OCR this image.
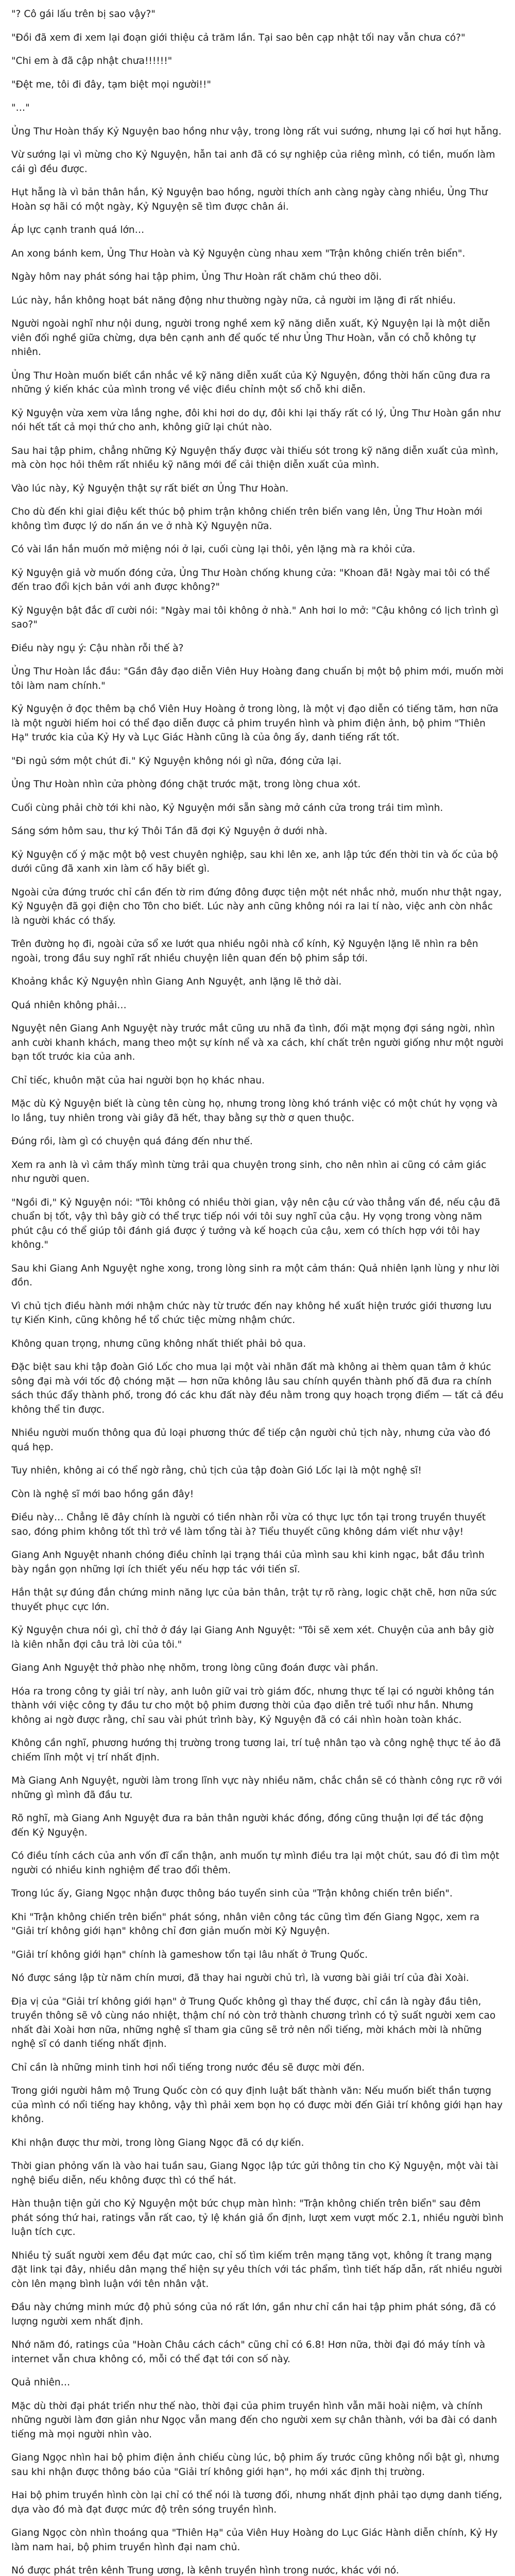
"? Cô gái lấu trên bị sao vậy?"

"Đồi đã xem đi xem lại đoạn giới thiệu cả trăm lần. Tại sao bên cạp nhật tối nay vẫn chưa có?"

"Chi em à đã cập nhật chưa!!!!!!"

"Đệt me, tôi đi đây, tạm biệt mọi người!!"

"…"

Ủng Thư Hoàn thấy Kỷ Nguyện bao hồng như vậy, trong lòng rất vui sướng, nhưng lại cố hơi hụt hẫng.

Vừ sướng lại vì mừng cho Kỷ Nguyện, hẫn tai anh đã có sự nghiệp của riêng mình, có tiền, muốn làm cái gì đều được.

Hụt hẫng là vì bản thân hắn, Kỷ Nguyện bao hồng, người thích anh càng ngày càng nhiều, Ủng Thư Hoàn sợ hãi có một ngày, Kỷ Nguyện sẽ tìm được chân ái.

Áp lực cạnh tranh quá lớn…

An xong bánh kem, Ủng Thư Hoàn và Kỷ Nguyện cùng nhau xem "Trận không chiến trên biển".

Ngày hôm nay phát sóng hai tập phim, Ủng Thư Hoàn rất chăm chú theo dõi.

Lúc này, hắn không hoạt bát năng động như thường ngày nữa, cả người im lặng đi rất nhiều.

Người ngoài nghĩ như nội dung, người trong nghề xem kỹ năng diễn xuất, Kỷ Nguyện lại là một diễn viên đối nghề giữa chừng, dựa bên cạnh anh để quốc tế như Ủng Thư Hoàn, vẫn có chỗ không tự nhiên.

Ủng Thư Hoàn muốn biết cần nhắc về kỹ năng diễn xuất của Kỷ Nguyện, đồng thời hấn cũng đưa ra những ý kiến khác của mình trong về việc điều chỉnh một số chỗ khi diễn.

Kỷ Nguyện vừa xem vừa lắng nghe, đôi khi hơi do dự, đôi khi lại thấy rất có lý, Ủng Thư Hoàn gần như nói hết tất cả mọi thứ cho anh, không giữ lại chút nào.

Sau hai tập phim, chẳng những Kỷ Nguyện thấy được vài thiếu sót trong kỹ năng diễn xuất của mình, mà còn học hỏi thêm rất nhiều kỹ năng mới để cải thiện diễn xuất của mình.

Vào lúc này, Kỷ Nguyện thật sự rất biết ơn Ủng Thư Hoàn.

Cho dù đến khi giai điệu kết thúc bộ phim trận không chiến trên biển vang lên, Ủng Thư Hoàn mới không tìm được lý do nấn án ve ở nhà Kỷ Nguyện nữa.

Có vài lần hắn muốn mở miệng nói ở lại, cuối cùng lại thôi, yên lặng mà ra khỏi cửa.

Kỷ Nguyện giả vờ muốn đóng cửa, Ủng Thư Hoàn chống khung cửa: "Khoan đã! Ngày mai tôi có thể đến trao đổi kịch bản với anh được không?"

Kỷ Nguyện bật đắc dĩ cười nói: "Ngày mai tôi không ở nhà." Anh hơi lo mở: "Cậu không có lịch trình gì sao?"

Điều này ngụ ý: Cậu nhàn rỗi thế à?

Ủng Thư Hoàn lắc đầu: "Gần đây đạo diễn Viên Huy Hoàng đang chuẩn bị một bộ phim mới, muốn mời tôi làm nam chính."

Kỷ Nguyện ở đọc thêm bạ chồ Viên Huy Hoàng ở trong lòng, là một vị đạo diễn có tiếng tăm, hơn nữa là một người hiếm hoi có thể đạo diễn được cả phim truyền hình và phim điện ảnh, bộ phim "Thiên Hạ" trước kia của Kỷ Hy và Lục Giác Hành cũng là của ông ấy, danh tiếng rất tốt.

"Đi ngủ sớm một chút đi." Kỷ Nguyện không nói gì nữa, đóng cửa lại.

Ủng Thư Hoàn nhìn cửa phòng đóng chặt trước mặt, trong lòng chua xót.

Cuối cùng phải chờ tới khi nào, Kỷ Nguyện mới sẵn sàng mở cánh cửa trong trái tim mình.

Sáng sớm hôm sau, thư ký Thôi Tần đã đợi Kỷ Nguyện ở dưới nhà.

Kỷ Nguyện cố ý mặc một bộ vest chuyên nghiệp, sau khi lên xe, anh lập tức đến thời tin và ốc của bộ dưới cũng đã xanh xin làm cố hãy biết gì.

Ngoài cửa đứng trước chỉ cần đến tờ rim đứng đông được tiện một nét nhắc nhở, muốn như thật ngay, Kỷ Nguyện đã gọi điện cho Tôn cho biết. Lúc này anh cũng không nói ra lai tí nào, việc anh còn nhắc là người khác có thấy.

Trên đường họ đi, ngoài cửa sổ xe lướt qua nhiều ngôi nhà cổ kính, Kỷ Nguyện lặng lẽ nhìn ra bên ngoài, trong đầu suy nghĩ rất nhiều chuyện liên quan đến bộ phim sắp tới.

Khoảng khắc Kỷ Nguyện nhìn Giang Anh Nguyệt, anh lặng lẽ thở dài.

Quá nhiên không phải…

Nguyệt nên Giang Anh Nguyệt này trước mắt cũng ưu nhã đa tình, đối mặt mọng đợi sáng ngời, nhìn anh cười khanh khách, mang theo một sự kính nể và xa cách, khí chất trên người giống như một người bạn tốt trước kia của anh.

Chỉ tiếc, khuôn mặt của hai người bọn họ khác nhau.

Mặc dù Kỷ Nguyện biết là cùng tên cùng họ, nhưng trong lòng khó tránh việc có một chút hy vọng và lo lắng, tuy nhiên trong vài giây đã hết, thay bằng sự thờ ơ quen thuộc.

Đúng rồi, làm gì có chuyện quá đáng đến như thế.

Xem ra anh là vì cảm thấy mình từng trải qua chuyện trong sinh, cho nên nhìn ai cũng có cảm giác như người quen.

"Ngồi đi," Kỷ Nguyện nói: "Tôi không có nhiều thời gian, vậy nên cậu cứ vào thẳng vấn đề, nếu cậu đã chuẩn bị tốt, vậy thì bây giờ có thể trực tiếp nói với tôi suy nghĩ của cậu. Hy vọng trong vòng năm phút cậu có thể giúp tôi đánh giá được ý tưởng và kế hoạch của cậu, xem có thích hợp với tôi hay không."

Sau khi Giang Anh Nguyệt nghe xong, trong lòng sinh ra một cảm thán: Quả nhiên lạnh lùng y như lời đồn.

Vì chủ tịch điều hành mới nhậm chức này từ trước đến nay không hề xuất hiện trước giới thương lưu tự Kiến Kinh, cũng không hề tổ chức tiệc mừng nhậm chức.

Không quan trọng, nhưng cũng không nhất thiết phải bỏ qua.

Đặc biệt sau khi tập đoàn Gió Lốc cho mua lại một vài nhãn đất mà không ai thèm quan tâm ở khúc sông đại mà với tốc độ chóng mặt — hơn nữa không lâu sau chính quyền thành phố đã đưa ra chính sách thúc đẩy thành phố, trong đó các khu đất này đều nằm trong quy hoạch trọng điểm — tất cả đều không thể tin được.

Nhiều người muốn thông qua đủ loại phương thức để tiếp cận người chủ tịch này, nhưng cửa vào đó quá hẹp.

Tuy nhiên, không ai có thể ngờ rằng, chủ tịch của tập đoàn Gió Lốc lại là một nghệ sĩ!

Còn là nghệ sĩ mới bao hồng gần đây!

Điều này… Chẳng lẽ đây chính là người có tiền nhàn rỗi vừa có thực lực tồn tại trong truyền thuyết sao, đóng phim không tốt thì trở về làm tổng tài à? Tiểu thuyết cũng không dám viết như vậy!

Giang Anh Nguyệt nhanh chóng điều chỉnh lại trạng thái của mình sau khi kinh ngạc, bắt đầu trình bày ngắn gọn những lợi ích thiết yếu nếu hợp tác với tiến sĩ.

Hắn thật sự đúng đắn chứng minh năng lực của bản thân, trật tự rõ ràng, logic chặt chẽ, hơn nữa sức thuyết phục cực lớn.

Kỷ Nguyện chưa nói gì, chỉ thở ở đáy lại Giang Anh Nguyệt: "Tôi sẽ xem xét. Chuyện của anh bây giờ là kiên nhẫn đợi câu trả lời của tôi."

Giang Anh Nguyệt thở phào nhẹ nhõm, trong lòng cũng đoán được vài phần.

Hóa ra trong công ty giải trí này, anh luôn giữ vai trò giám đốc, nhưng thực tế lại có người không tán thành với việc công ty đầu tư cho một bộ phim đương thời của đạo diễn trẻ tuổi như hắn. Nhưng không ai ngờ được rằng, chỉ sau vài phút trình bày, Kỷ Nguyện đã có cái nhìn hoàn toàn khác.

Không cần nghĩ, phương hướng thị trường trong tương lai, trí tuệ nhân tạo và công nghệ thực tế ảo đã chiếm lĩnh một vị trí nhất định.

Mà Giang Anh Nguyệt, người làm trong lĩnh vực này nhiều năm, chắc chắn sẽ có thành công rực rỡ với những gì mình đã đầu tư.

Rõ nghĩ, mà Giang Anh Nguyệt đưa ra bản thân người khác đồng, đồng cũng thuận lợi để tác động đến Kỷ Nguyện.

Có điều tính cách của anh vốn đĩ cẩn thận, anh muốn tự mình điều tra lại một chút, sau đó đi tìm một người có nhiều kinh nghiệm để trao đổi thêm.

Trong lúc ấy, Giang Ngọc nhận được thông báo tuyển sinh của "Trận không chiến trên biển".

Khi "Trận không chiến trên biển" phát sóng, nhân viên công tác cũng tìm đến Giang Ngọc, xem ra "Giải trí không giới hạn" không chỉ đơn giản muốn mời Kỷ Nguyện.

"Giải trí không giới hạn" chính là gameshow tổn tại lâu nhất ở Trung Quốc.

Nó được sáng lập từ năm chín mươi, đã thay hai người chủ trì, là vương bài giải trí của đài Xoài.

Địa vị của "Giải trí không giới hạn" ở Trung Quốc không gì thay thế được, chỉ cần là ngày đầu tiên, truyền thông sẽ vô cùng náo nhiệt, thậm chí nó còn trở thành chương trình có tỷ suất người xem cao nhất đài Xoài hơn nữa, những nghệ sĩ tham gia cũng sẽ trở nên nổi tiếng, mời khách mời là những nghệ sĩ có danh tiếng nhất định.

Chỉ cần là những minh tinh hơi nổi tiếng trong nước đều sẽ được mời đến.

Trong giới người hâm mộ Trung Quốc còn có quy định luật bất thành văn: Nếu muốn biết thần tượng của mình có nổi tiếng hay không, vậy thì phải xem bọn họ có được mời đến Giải trí không giới hạn hay không.

Khi nhận được thư mời, trong lòng Giang Ngọc đã có dự kiến.

Thời gian phỏng vấn là vào hai tuần sau, Giang Ngọc lập tức gửi thông tin cho Kỷ Nguyện, một vài tài nghệ biểu diễn, nếu không được thì có thể hát.

Hàn thuận tiện gửi cho Kỷ Nguyện một bức chụp màn hình: "Trận không chiến trên biển" sau đêm phát sóng thứ hai, ratings vẫn rất cao, tỷ lệ khán giả ổn định, lượt xem vượt mốc 2.1, nhiều người bình luận tích cực.

Nhiều tỷ suất người xem đều đạt mức cao, chỉ số tìm kiếm trên mạng tăng vọt, không ít trang mạng đặt link tại đây, nhiều dân mạng thể hiện sự yêu thích với tác phẩm, tình tiết hấp dẫn, rất nhiều người còn lên mạng bình luận với tên nhân vật.

Đầu này chứng minh mức độ phủ sóng của nó rất lớn, gần như chỉ cần hai tập phim phát sóng, đã có lượng người xem nhất định.

Nhớ năm đó, ratings của "Hoàn Châu cách cách" cũng chỉ có 6.8! Hơn nữa, thời đại đó máy tính và internet vẫn chưa không có, mỗi có thể đạt tới con số này.

Quả nhiên…

Mặc dù thời đại phát triển như thế nào, thời đại của phim truyền hình vẫn mãi hoài niệm, và chính những người làm đơn giản như Ngọc vẫn mang đến cho người xem sự chân thành, với ba đài có danh tiếng mà mọi người nhìn vào.

Giang Ngọc nhìn hai bộ phim điện ảnh chiếu cùng lúc, bộ phim ấy trước cũng không nổi bật gì, nhưng sau khi nhận được thông báo của "Giải trí không giới hạn", họ mới xác định thị trường.

Hai bộ phim truyền hình còn lại chỉ có thể nói là tương đối, nhưng nhất định phải tạo dựng danh tiếng, dựa vào đó mà đạt được mức độ trên sóng truyền hình.

Giang Ngọc còn nhìn thoáng qua "Thiên Hạ" của Viên Huy Hoàng do Lục Giác Hành diễn chính, Kỷ Hy làm nam hai, bộ phim truyền hình đại nam chủ.

Nó được phát trên kênh Trung ương, là kênh truyền hình trong nước, khác với nó.
